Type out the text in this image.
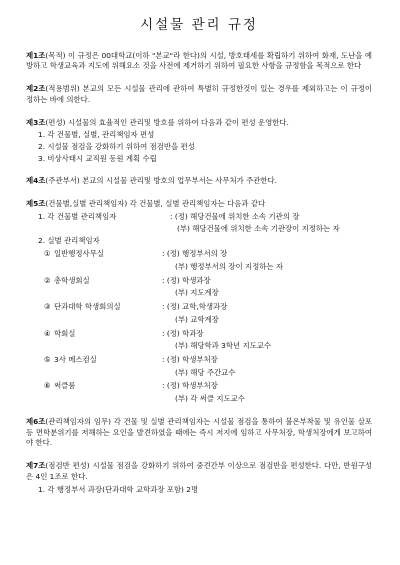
시설물 관리 규정

제1조(목적) 이 규정은 00대학교(이하 "본교"라 한다)의 시설, 방호태세를 확립하기 위하여 화재, 도난을 예방하고 학생교육과 지도에 위해요소 것을 사전에 제거하기 위하여 필요한 사항을 규정함을 목적으로 한다

제2조(적용범위) 본교의 모든 시설물 관리에 관하여 특별히 규정한것이 있는 경우를 제외하고는 이 규정이 정하는 바에 의한다.

제3조(편성) 시설물의 효율적인 관리및 방호를 위하여 다음과 같이 편성 운영한다.

1. 각 건물별, 실별, 관리책임자 편성
2. 시설물 점검을 강화하기 위하여 점검반을 편성
3. 비상사태시 교직원 동원 계획 수립

제4조(주관부서) 본교의 시설물 관리및 방호의 업무부서는 사무처가 주관한다.

제5조(건물별,실별 관리책임자) 각 건물별, 실별 관리책임자는 다음과 같다

1. 각 건물별 관리책임자	: (정) 해당건물에 위치한 소속 기관의 장
(부) 해당건물에 위치한 소속 기관장이 지정하는 자
2. 실별 관리책임자
① 일반행정사무실	: (정) 행정부서의 장
(부) 행정부서의 장이 지정하는 자
② 총학생회실	: (정) 학생과장
(부) 지도계장
③ 단과대학 학생회의실	: (정) 교학,학생과장
(부) 교학계장
④ 학회실	: (정) 학과장
(부) 해당학과 3학년 지도교수
⑤ 3사 메스컴실	: (정) 학생부처장
(부) 해당 주간교수
⑥ 써클룸	: (정) 학생부처장
(부) 각 써클 지도교수

제6조(관리책임자의 임무) 각 건물 및 실별 관리책임자는 시설물 점검을 통하여 불온부착물 및 유인물 살포등 면학분위기를 저해하는 요인을 발견하였을 때에는 즉시 저지에 임하고 사무처장, 학생처장에게 보고하여야 한다.

제7조(점검반 편성) 시설물 점검을 강화하기 위하여 중견간부 이상으로 점검반을 편성한다. 다만, 반원구성은 4인 1조로 한다.

1. 각 행정부서 과장(단과대학 교학과장 포함) 2명
